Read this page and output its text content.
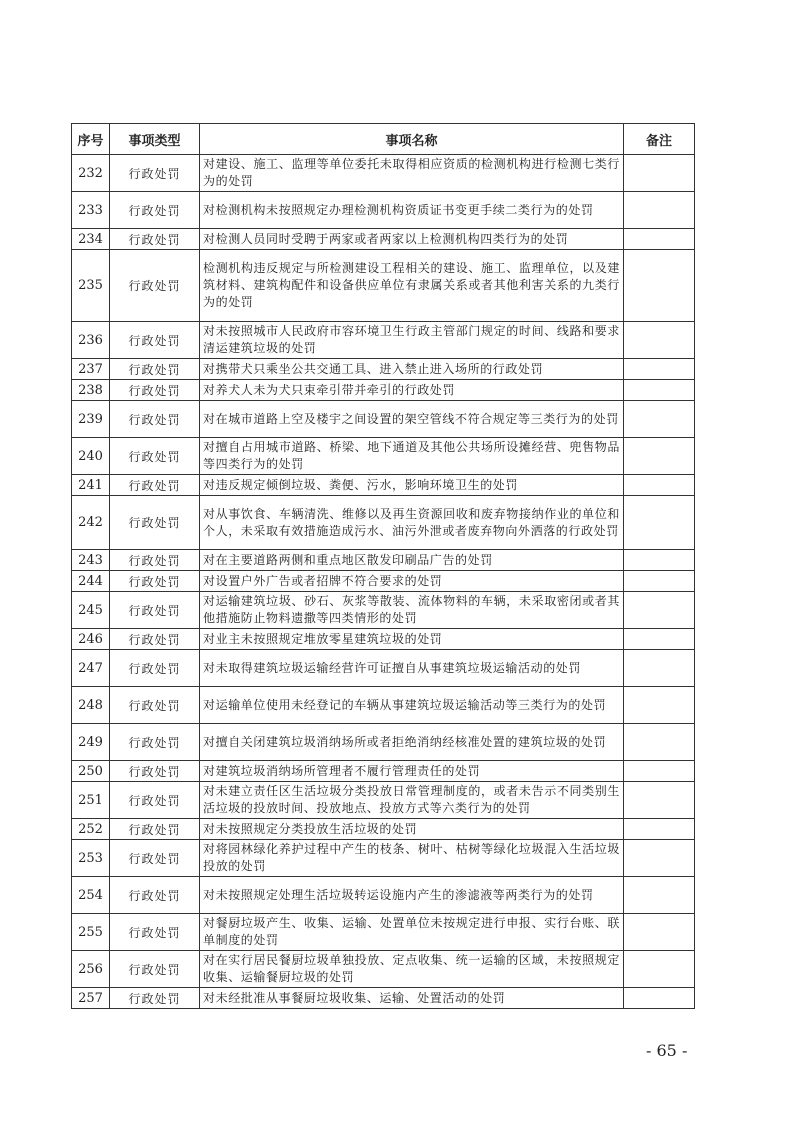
序号	事项类型	事项名称	备注
232	行政处罚	对建设、施工、监理等单位委托未取得相应资质的检测机构进行检测七类行为的处罚	
233	行政处罚	对检测机构未按照规定办理检测机构资质证书变更手续二类行为的处罚	
234	行政处罚	对检测人员同时受聘于两家或者两家以上检测机构四类行为的处罚	
235	行政处罚	检测机构违反规定与所检测建设工程相关的建设、施工、监理单位，以及建筑材料、建筑构配件和设备供应单位有隶属关系或者其他利害关系的九类行为的处罚	
236	行政处罚	对未按照城市人民政府市容环境卫生行政主管部门规定的时间、线路和要求清运建筑垃圾的处罚	
237	行政处罚	对携带犬只乘坐公共交通工具、进入禁止进入场所的行政处罚	
238	行政处罚	对养犬人未为犬只束牵引带并牵引的行政处罚	
239	行政处罚	对在城市道路上空及楼宇之间设置的架空管线不符合规定等三类行为的处罚	
240	行政处罚	对擅自占用城市道路、桥梁、地下通道及其他公共场所设摊经营、兜售物品等四类行为的处罚	
241	行政处罚	对违反规定倾倒垃圾、粪便、污水，影响环境卫生的处罚	
242	行政处罚	对从事饮食、车辆清洗、维修以及再生资源回收和废弃物接纳作业的单位和个人，未采取有效措施造成污水、油污外泄或者废弃物向外洒落的行政处罚	
243	行政处罚	对在主要道路两侧和重点地区散发印刷品广告的处罚	
244	行政处罚	对设置户外广告或者招牌不符合要求的处罚	
245	行政处罚	对运输建筑垃圾、砂石、灰浆等散装、流体物料的车辆，未采取密闭或者其他措施防止物料遗撒等四类情形的处罚	
246	行政处罚	对业主未按照规定堆放零星建筑垃圾的处罚	
247	行政处罚	对未取得建筑垃圾运输经营许可证擅自从事建筑垃圾运输活动的处罚	
248	行政处罚	对运输单位使用未经登记的车辆从事建筑垃圾运输活动等三类行为的处罚	
249	行政处罚	对擅自关闭建筑垃圾消纳场所或者拒绝消纳经核准处置的建筑垃圾的处罚	
250	行政处罚	对建筑垃圾消纳场所管理者不履行管理责任的处罚	
251	行政处罚	对未建立责任区生活垃圾分类投放日常管理制度的，或者未告示不同类别生活垃圾的投放时间、投放地点、投放方式等六类行为的处罚	
252	行政处罚	对未按照规定分类投放生活垃圾的处罚	
253	行政处罚	对将园林绿化养护过程中产生的枝条、树叶、枯树等绿化垃圾混入生活垃圾投放的处罚	
254	行政处罚	对未按照规定处理生活垃圾转运设施内产生的渗滤液等两类行为的处罚	
255	行政处罚	对餐厨垃圾产生、收集、运输、处置单位未按规定进行申报、实行台账、联单制度的处罚	
256	行政处罚	对在实行居民餐厨垃圾单独投放、定点收集、统一运输的区域，未按照规定收集、运输餐厨垃圾的处罚	
257	行政处罚	对未经批准从事餐厨垃圾收集、运输、处置活动的处罚	
- 65 -
